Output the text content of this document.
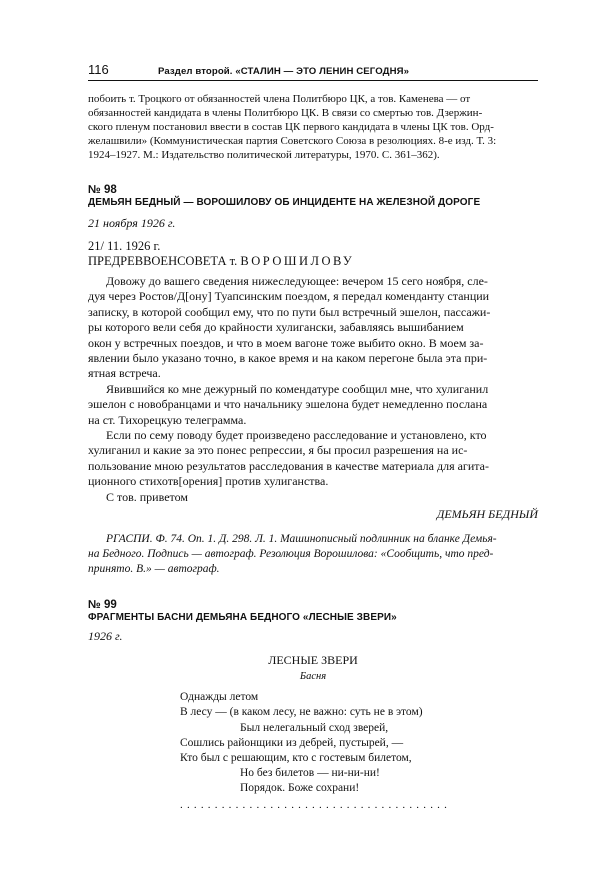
116	Раздел второй. «СТАЛИН — ЭТО ЛЕНИН СЕГОДНЯ»

побоить т. Троцкого от обязанностей члена Политбюро ЦК, а тов. Каменева — от

обязанностей кандидата в члены Политбюро ЦК. В связи со смертью тов. Дзержин-

ского пленум постановил ввести в состав ЦК первого кандидата в члены ЦК тов. Орд-

желашвили» (Коммунистическая партия Советского Союза в резолюциях. 8-е изд. Т. 3:

1924–1927. М.: Издательство политической литературы, 1970. С. 361–362).

№ 98

ДЕМЬЯН БЕДНЫЙ — ВОРОШИЛОВУ ОБ ИНЦИДЕНТЕ НА ЖЕЛЕЗНОЙ ДОРОГЕ

21 ноября 1926 г.

21/ 11. 1926 г.

ПРЕДРЕВВОЕНСОВЕТА т. ВОРОШИЛОВУ

Довожу до вашего сведения нижеследующее: вечером 15 сего ноября, сле-

дуя через Ростов/Д[ону] Туапсинским поездом, я передал коменданту станции

записку, в которой сообщил ему, что по пути был встречный эшелон, пассажи-

ры которого вели себя до крайности хулигански, забавляясь вышибанием

окон у встречных поездов, и что в моем вагоне тоже выбито окно. В моем за-

явлении было указано точно, в какое время и на каком перегоне была эта при-

ятная встреча.

Явившийся ко мне дежурный по комендатуре сообщил мне, что хулиганил

эшелон с новобранцами и что начальнику эшелона будет немедленно послана

на ст. Тихорецкую телеграмма.

Если по сему поводу будет произведено расследование и установлено, кто

хулиганил и какие за это понес репрессии, я бы просил разрешения на ис-

пользование мною результатов расследования в качестве материала для агита-

ционного стихотв[орения] против хулиганства.

С тов. приветом

ДЕМЬЯН БЕДНЫЙ

РГАСПИ. Ф. 74. Оп. 1. Д. 298. Л. 1. Машинописный подлинник на бланке Демья-

на Бедного. Подпись — автограф. Резолюция Ворошилова: «Сообщить, что пред-

принято. В.» — автограф.

№ 99

ФРАГМЕНТЫ БАСНИ ДЕМЬЯНА БЕДНОГО «ЛЕСНЫЕ ЗВЕРИ»

1926 г.

ЛЕСНЫЕ ЗВЕРИ

Басня

Однажды летом

В лесу — (в каком лесу, не важно: суть не в этом)

Был нелегальный сход зверей,

Сошлись районщики из дебрей, пустырей, —

Кто был с решающим, кто с гостевым билетом,

Но без билетов — ни-ни-ни!

Порядок. Боже сохрани!

.......................................
